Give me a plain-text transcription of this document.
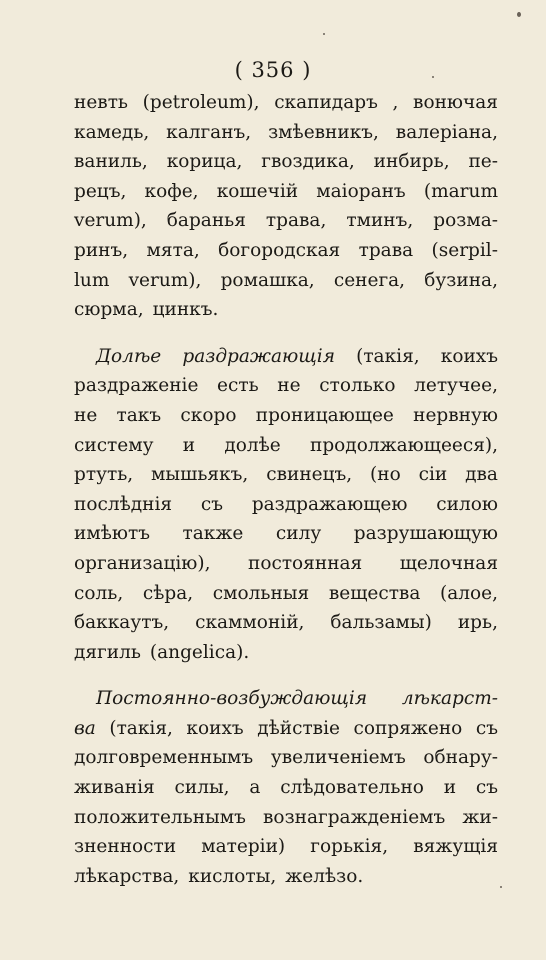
( 356 )
невть (petroleum), скапидаръ , вонючая
камедь, калганъ, змѣевникъ, валеріана,
ваниль, корица, гвоздика, инбирь, пе-
рецъ, кофе, кошечій маіоранъ (marum
verum), баранья трава, тминъ, розма-
ринъ, мята, богородская трава (serpil-
lum verum), ромашка, сенега, бузина,
сюрма, цинкъ.
Долѣе раздражающія (такія, коихъ
раздраженіе есть не столько летучее,
не такъ скоро проницающее нервную
систему и долѣе продолжающееся),
ртуть, мышьякъ, свинецъ, (но сіи два
послѣднія съ раздражающею силою
имѣютъ также силу разрушающую
организацію), постоянная щелочная
соль, сѣра, смольныя вещества (алое,
баккаутъ, скаммоній, бальзамы) ирь,
дягиль (angelica).
Постоянно-возбуждающія лѣкарст-
ва (такія, коихъ дѣйствіе сопряжено съ
долговременнымъ увеличеніемъ обнару-
живанія силы, а слѣдовательно и съ
положительнымъ вознагражденіемъ жи-
зненности матеріи) горькія, вяжущія
лѣкарства, кислоты, желѣзо.
